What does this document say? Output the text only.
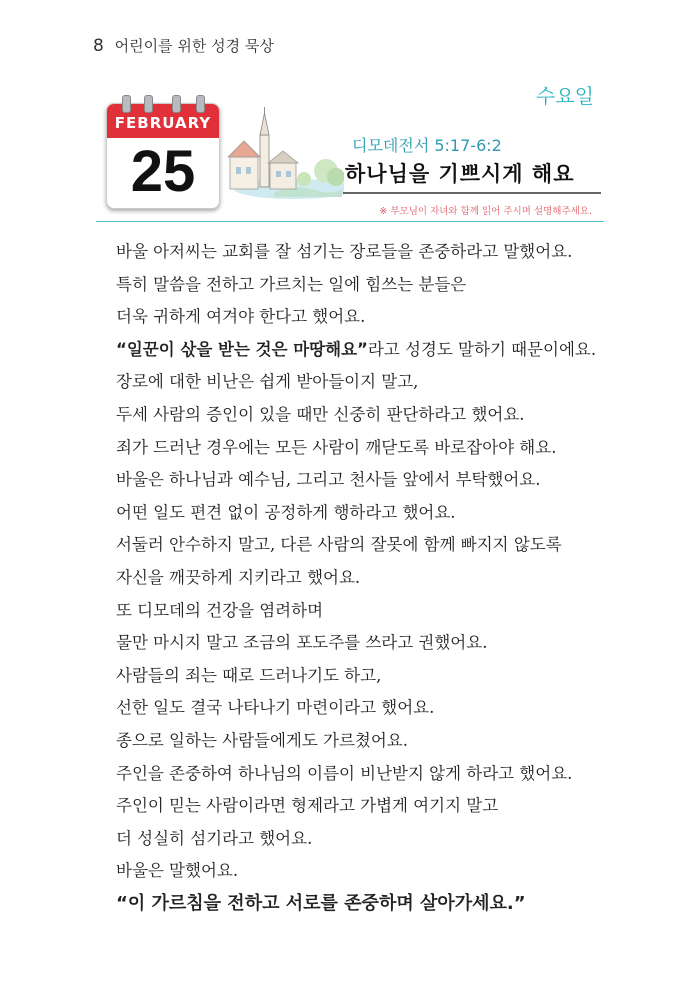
8 어린이를 위한 성경 묵상
수요일
FEBRUARY
25	디모데전서 5:17-6:2
하나님을 기쁘시게 해요
※ 부모님이 자녀와 함께 읽어 주시며 설명해주세요.
바울 아저씨는 교회를 잘 섬기는 장로들을 존중하라고 말했어요.
특히 말씀을 전하고 가르치는 일에 힘쓰는 분들은
더욱 귀하게 여겨야 한다고 했어요.
“일꾼이 삯을 받는 것은 마땅해요”라고 성경도 말하기 때문이에요.
장로에 대한 비난은 쉽게 받아들이지 말고,
두세 사람의 증인이 있을 때만 신중히 판단하라고 했어요.
죄가 드러난 경우에는 모든 사람이 깨닫도록 바로잡아야 해요.
바울은 하나님과 예수님, 그리고 천사들 앞에서 부탁했어요.
어떤 일도 편견 없이 공정하게 행하라고 했어요.
서둘러 안수하지 말고, 다른 사람의 잘못에 함께 빠지지 않도록
자신을 깨끗하게 지키라고 했어요.
또 디모데의 건강을 염려하며
물만 마시지 말고 조금의 포도주를 쓰라고 권했어요.
사람들의 죄는 때로 드러나기도 하고,
선한 일도 결국 나타나기 마련이라고 했어요.
종으로 일하는 사람들에게도 가르쳤어요.
주인을 존중하여 하나님의 이름이 비난받지 않게 하라고 했어요.
주인이 믿는 사람이라면 형제라고 가볍게 여기지 말고
더 성실히 섬기라고 했어요.
바울은 말했어요.
“이 가르침을 전하고 서로를 존중하며 살아가세요.”
